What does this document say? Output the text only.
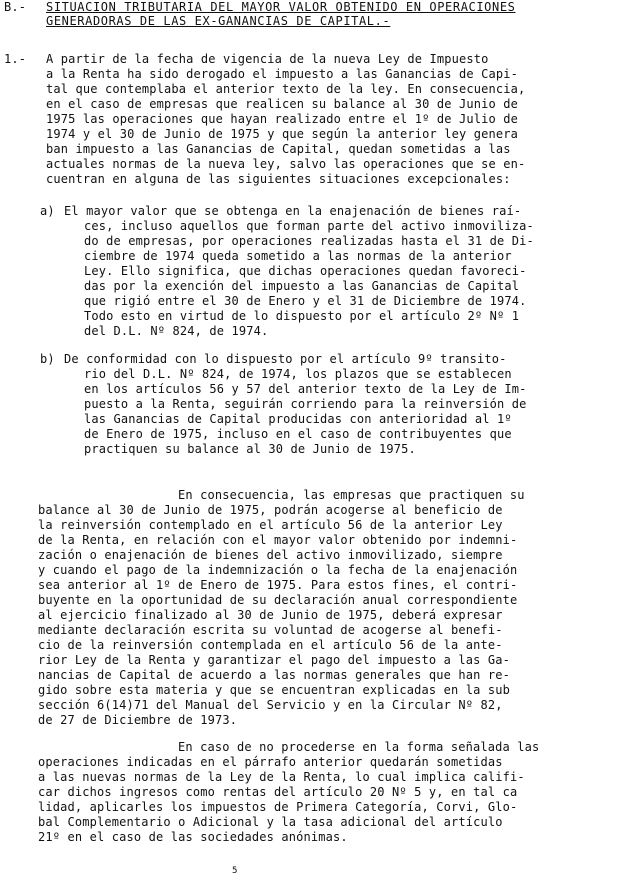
B.- SITUACION TRIBUTARIA DEL MAYOR VALOR OBTENIDO EN OPERACIONES
GENERADORAS DE LAS EX-GANANCIAS DE CAPITAL.-
1.- A partir de la fecha de vigencia de la nueva Ley de Impuesto
a la Renta ha sido derogado el impuesto a las Ganancias de Capi-
tal que contemplaba el anterior texto de la ley. En consecuencia,
en el caso de empresas que realicen su balance al 30 de Junio de
1975 las operaciones que hayan realizado entre el 1º de Julio de
1974 y el 30 de Junio de 1975 y que según la anterior ley genera
ban impuesto a las Ganancias de Capital, quedan sometidas a las
actuales normas de la nueva ley, salvo las operaciones que se en-
cuentran en alguna de las siguientes situaciones excepcionales:
a) El mayor valor que se obtenga en la enajenación de bienes raí-
ces, incluso aquellos que forman parte del activo inmoviliza-
do de empresas, por operaciones realizadas hasta el 31 de Di-
ciembre de 1974 queda sometido a las normas de la anterior
Ley. Ello significa, que dichas operaciones quedan favoreci-
das por la exención del impuesto a las Ganancias de Capital
que rigió entre el 30 de Enero y el 31 de Diciembre de 1974.
Todo esto en virtud de lo dispuesto por el artículo 2º Nº 1
del D.L. Nº 824, de 1974.
b) De conformidad con lo dispuesto por el artículo 9º transito-
rio del D.L. Nº 824, de 1974, los plazos que se establecen
en los artículos 56 y 57 del anterior texto de la Ley de Im-
puesto a la Renta, seguirán corriendo para la reinversión de
las Ganancias de Capital producidas con anterioridad al 1º
de Enero de 1975, incluso en el caso de contribuyentes que
practiquen su balance al 30 de Junio de 1975.
En consecuencia, las empresas que practiquen su
balance al 30 de Junio de 1975, podrán acogerse al beneficio de
la reinversión contemplado en el artículo 56 de la anterior Ley
de la Renta, en relación con el mayor valor obtenido por indemni-
zación o enajenación de bienes del activo inmovilizado, siempre
y cuando el pago de la indemnización o la fecha de la enajenación
sea anterior al 1º de Enero de 1975. Para estos fines, el contri-
buyente en la oportunidad de su declaración anual correspondiente
al ejercicio finalizado al 30 de Junio de 1975, deberá expresar
mediante declaración escrita su voluntad de acogerse al benefi-
cio de la reinversión contemplada en el artículo 56 de la ante-
rior Ley de la Renta y garantizar el pago del impuesto a las Ga-
nancias de Capital de acuerdo a las normas generales que han re-
gido sobre esta materia y que se encuentran explicadas en la sub
sección 6(14)71 del Manual del Servicio y en la Circular Nº 82,
de 27 de Diciembre de 1973.
En caso de no procederse en la forma señalada las
operaciones indicadas en el párrafo anterior quedarán sometidas
a las nuevas normas de la Ley de la Renta, lo cual implica califi-
car dichos ingresos como rentas del artículo 20 Nº 5 y, en tal ca
lidad, aplicarles los impuestos de Primera Categoría, Corvi, Glo-
bal Complementario o Adicional y la tasa adicional del artículo
21º en el caso de las sociedades anónimas.
5
